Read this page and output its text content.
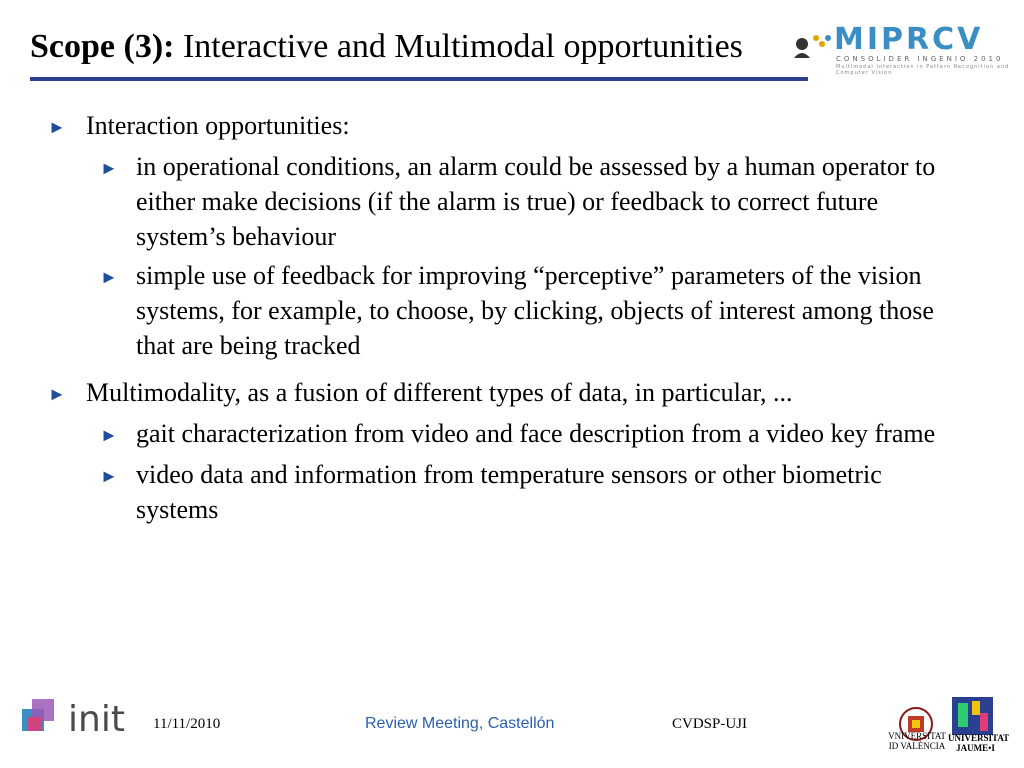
Scope (3): Interactive and Multimodal opportunities	MIPRCV
CONSOLIDER INGENIO 2010
Multimodal Interaction in Pattern Recognition and Computer Vision
► Interaction opportunities:
► in operational conditions, an alarm could be assessed by a human operator to either make decisions (if the alarm is true) or feedback to correct future system’s behaviour
► simple use of feedback for improving “perceptive” parameters of the vision systems, for example, to choose, by clicking, objects of interest among those that are being tracked
► Multimodality, as a fusion of different types of data, in particular, ...
► gait characterization from video and face description from a video key frame
► video data and information from temperature sensors or other biometric systems
init 11/11/2010	Review Meeting, Castellón	CVDSP-UJI
VNIVERSITAT
ID VALÈNCIA
UNIVERSITAT
JAUME•I
